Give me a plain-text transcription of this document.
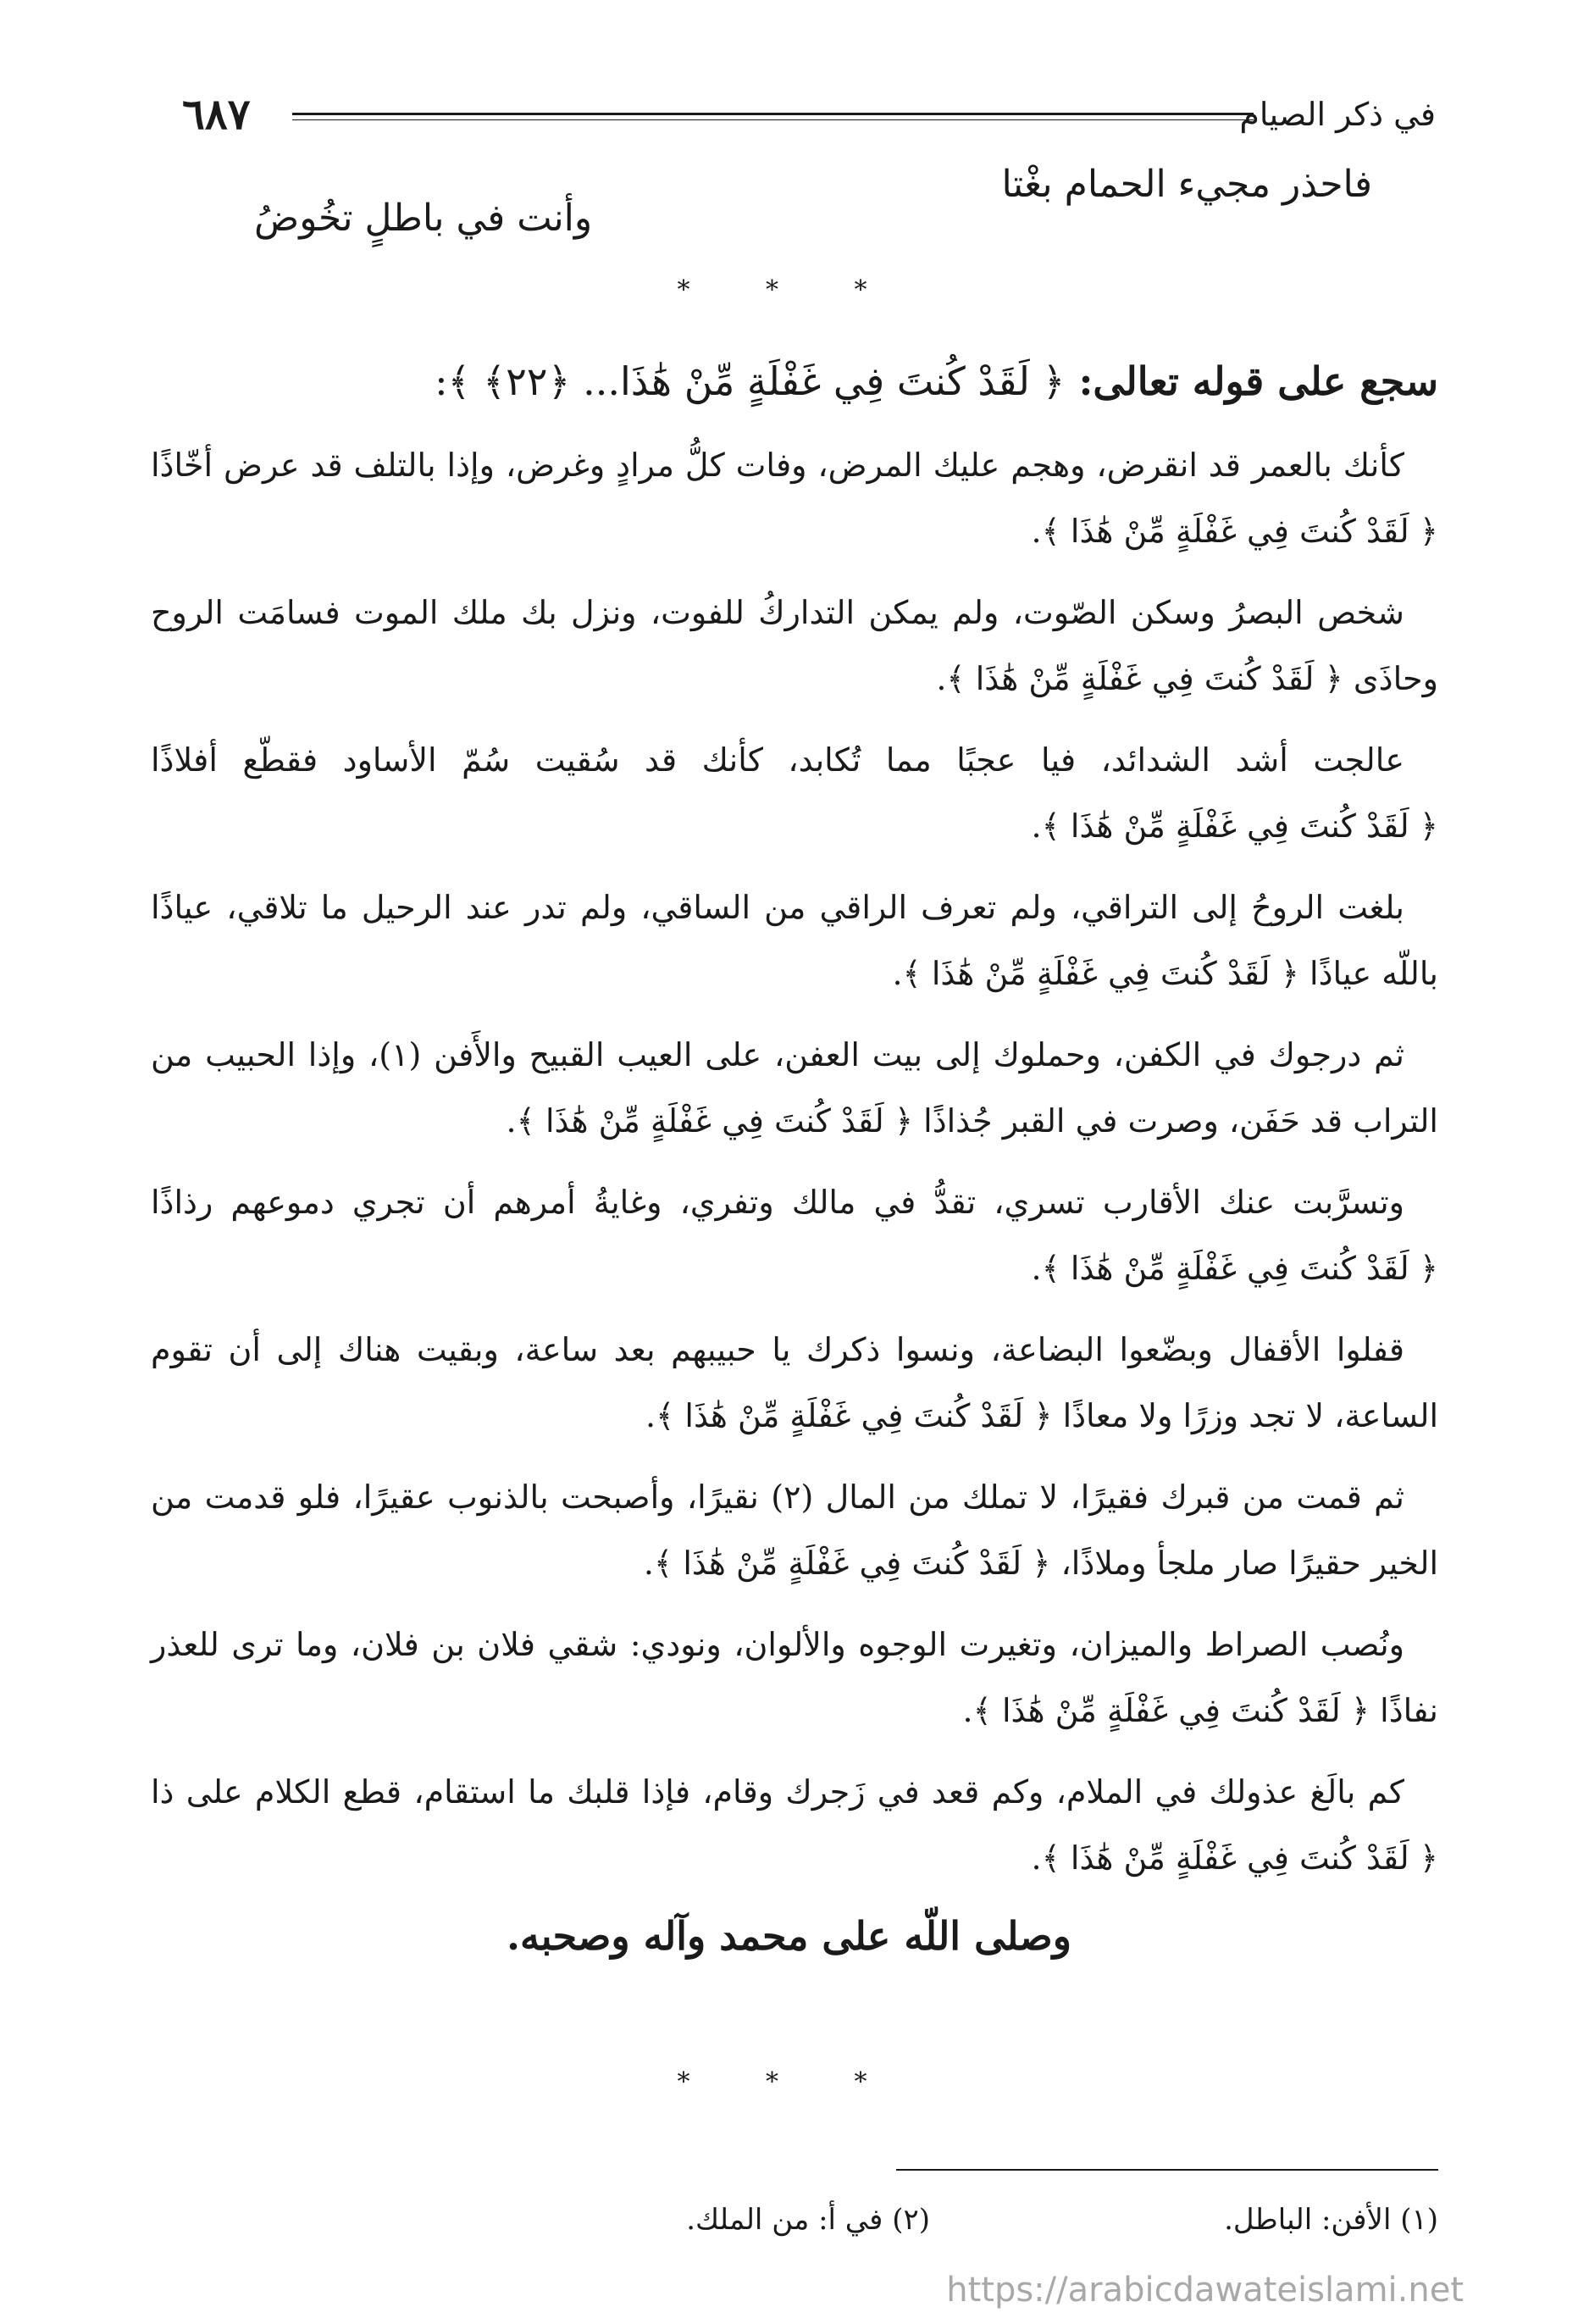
٦٨٧	في ذكر الصيام
فاحذر مجيء الحمام بغْتا
وأنت في باطلٍ تخُوضُ
* * *
سجع على قوله تعالى: ﴿ لَقَدْ كُنتَ فِي غَفْلَةٍ مِّنْ هَٰذَا... ﴿٢٢﴾ ﴾:

كأنك بالعمر قد انقرض، وهجم عليك المرض، وفات كلُّ مرادٍ وغرض، وإذا بالتلف قد عرض أخّاذًا ﴿ لَقَدْ كُنتَ فِي غَفْلَةٍ مِّنْ هَٰذَا ﴾.

شخص البصرُ وسكن الصّوت، ولم يمكن التداركُ للفوت، ونزل بك ملك الموت فسامَت الروح وحاذَى ﴿ لَقَدْ كُنتَ فِي غَفْلَةٍ مِّنْ هَٰذَا ﴾.

عالجت أشد الشدائد، فيا عجبًا مما تُكابد، كأنك قد سُقيت سُمّ الأساود فقطّع أفلاذًا ﴿ لَقَدْ كُنتَ فِي غَفْلَةٍ مِّنْ هَٰذَا ﴾.

بلغت الروحُ إلى التراقي، ولم تعرف الراقي من الساقي، ولم تدر عند الرحيل ما تلاقي، عياذًا باللّه عياذًا ﴿ لَقَدْ كُنتَ فِي غَفْلَةٍ مِّنْ هَٰذَا ﴾.

ثم درجوك في الكفن، وحملوك إلى بيت العفن، على العيب القبيح والأَفن (١)، وإذا الحبيب من التراب قد حَفَن، وصرت في القبر جُذاذًا ﴿ لَقَدْ كُنتَ فِي غَفْلَةٍ مِّنْ هَٰذَا ﴾.

وتسرَّبت عنك الأقارب تسري، تقدُّ في مالك وتفري، وغايةُ أمرهم أن تجري دموعهم رذاذًا ﴿ لَقَدْ كُنتَ فِي غَفْلَةٍ مِّنْ هَٰذَا ﴾.

قفلوا الأقفال وبضّعوا البضاعة، ونسوا ذكرك يا حبيبهم بعد ساعة، وبقيت هناك إلى أن تقوم الساعة، لا تجد وزرًا ولا معاذًا ﴿ لَقَدْ كُنتَ فِي غَفْلَةٍ مِّنْ هَٰذَا ﴾.

ثم قمت من قبرك فقيرًا، لا تملك من المال (٢) نقيرًا، وأصبحت بالذنوب عقيرًا، فلو قدمت من الخير حقيرًا صار ملجأ وملاذًا، ﴿ لَقَدْ كُنتَ فِي غَفْلَةٍ مِّنْ هَٰذَا ﴾.

ونُصب الصراط والميزان، وتغيرت الوجوه والألوان، ونودي: شقي فلان بن فلان، وما ترى للعذر نفاذًا ﴿ لَقَدْ كُنتَ فِي غَفْلَةٍ مِّنْ هَٰذَا ﴾.

كم بالَغ عذولك في الملام، وكم قعد في زَجرك وقام، فإذا قلبك ما استقام، قطع الكلام على ذا ﴿ لَقَدْ كُنتَ فِي غَفْلَةٍ مِّنْ هَٰذَا ﴾.

وصلى اللّه على محمد وآله وصحبه.
* * *
(١) الأفن: الباطل.
(٢) في أ: من الملك.
https://arabicdawateislami.net
